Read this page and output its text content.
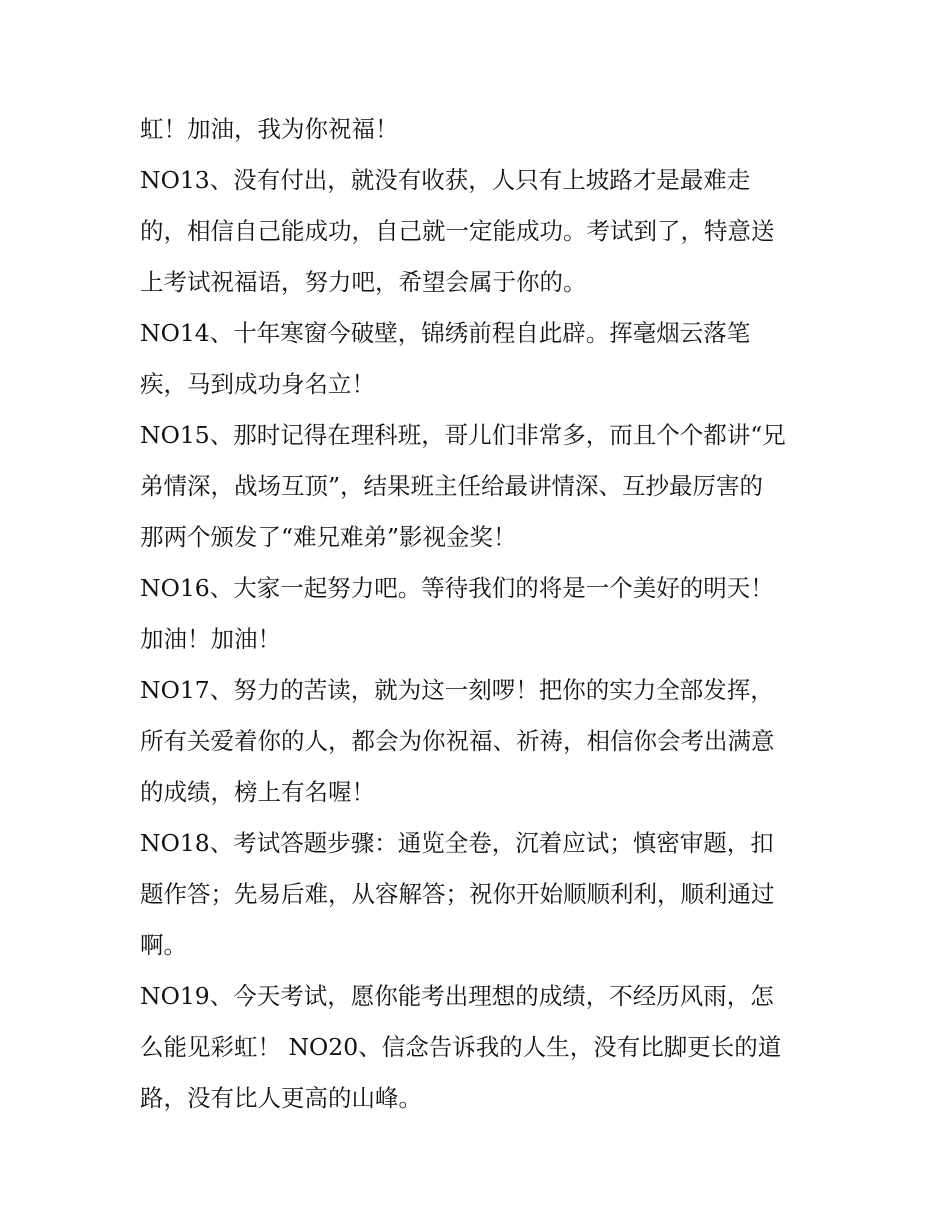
虹！加油，我为你祝福！
NO13、没有付出，就没有收获，人只有上坡路才是最难走
的，相信自己能成功，自己就一定能成功。考试到了，特意送
上考试祝福语，努力吧，希望会属于你的。
NO14、十年寒窗今破壁，锦绣前程自此辟。挥毫烟云落笔
疾，马到成功身名立！
NO15、那时记得在理科班，哥儿们非常多，而且个个都讲“兄
弟情深，战场互顶”，结果班主任给最讲情深、互抄最厉害的
那两个颁发了“难兄难弟”影视金奖！
NO16、大家一起努力吧。等待我们的将是一个美好的明天！
加油！加油！
NO17、努力的苦读，就为这一刻啰！把你的实力全部发挥，
所有关爱着你的人，都会为你祝福、祈祷，相信你会考出满意
的成绩，榜上有名喔！
NO18、考试答题步骤：通览全卷，沉着应试；慎密审题，扣
题作答；先易后难，从容解答；祝你开始顺顺利利，顺利通过
啊。
NO19、今天考试，愿你能考出理想的成绩，不经历风雨，怎
么能见彩虹！ NO20、信念告诉我的人生，没有比脚更长的道
路，没有比人更高的山峰。
